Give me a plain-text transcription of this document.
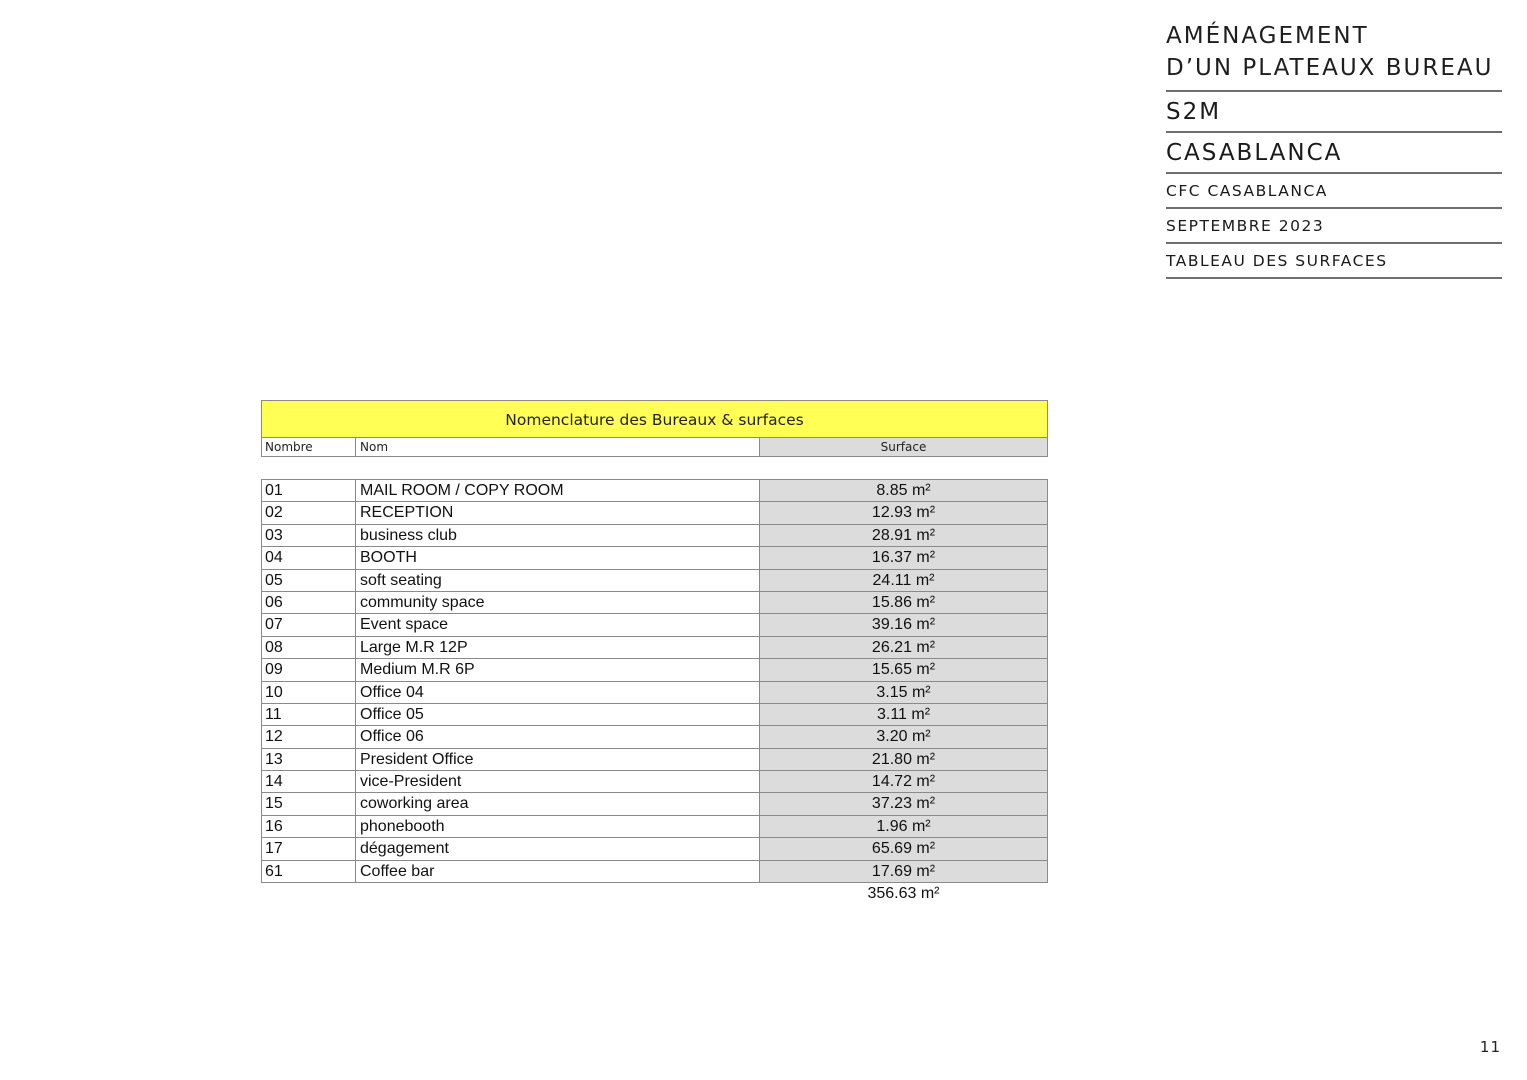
AMÉNAGEMENT
D’UN PLATEAUX BUREAU
S2M
CASABLANCA
CFC CASABLANCA
SEPTEMBRE 2023
TABLEAU DES SURFACES
Nomenclature des Bureaux & surfaces
Nombre	Nom	Surface
01	MAIL ROOM / COPY ROOM	8.85 m²
02	RECEPTION	12.93 m²
03	business club	28.91 m²
04	BOOTH	16.37 m²
05	soft seating	24.11 m²
06	community space	15.86 m²
07	Event space	39.16 m²
08	Large M.R 12P	26.21 m²
09	Medium M.R 6P	15.65 m²
10	Office 04	3.15 m²
11	Office 05	3.11 m²
12	Office 06	3.20 m²
13	President Office	21.80 m²
14	vice-President	14.72 m²
15	coworking area	37.23 m²
16	phonebooth	1.96 m²
17	dégagement	65.69 m²
61	Coffee bar	17.69 m²
356.63 m²
11
